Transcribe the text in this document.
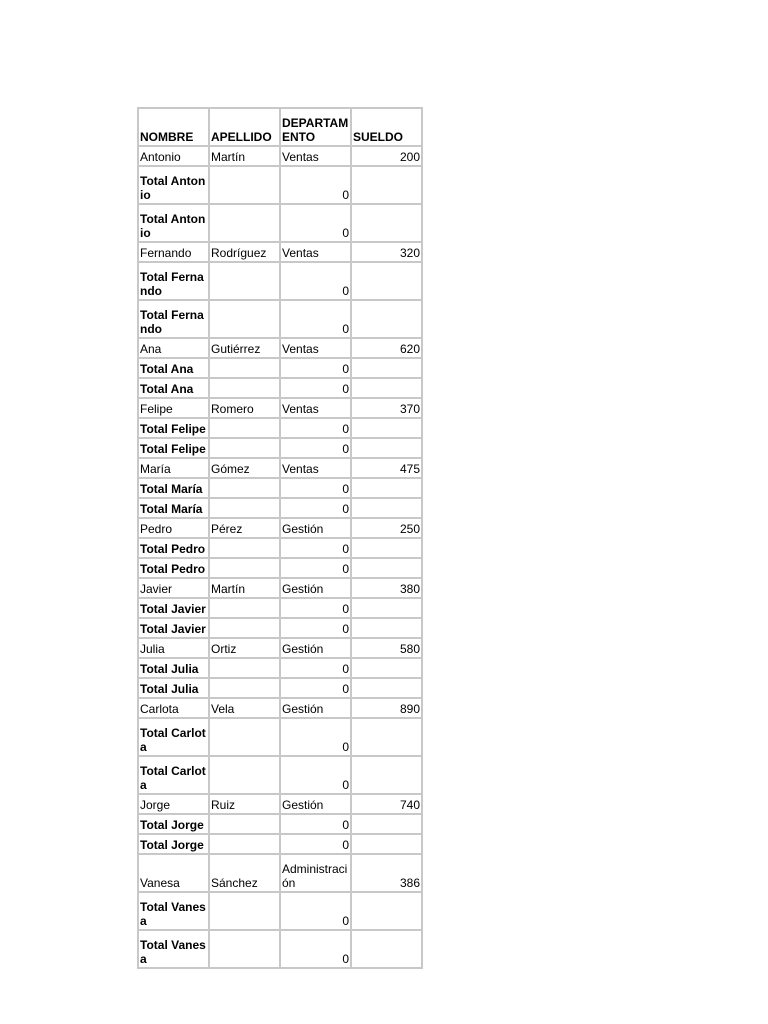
NOMBRE	APELLIDO	DEPARTAMENTO	SUELDO
Antonio	Martín	Ventas	200
Total Antonio		0	
Total Antonio		0	
Fernando	Rodríguez	Ventas	320
Total Fernando		0	
Total Fernando		0	
Ana	Gutiérrez	Ventas	620
Total Ana		0	
Total Ana		0	
Felipe	Romero	Ventas	370
Total Felipe		0	
Total Felipe		0	
María	Gómez	Ventas	475
Total María		0	
Total María		0	
Pedro	Pérez	Gestión	250
Total Pedro		0	
Total Pedro		0	
Javier	Martín	Gestión	380
Total Javier		0	
Total Javier		0	
Julia	Ortiz	Gestión	580
Total Julia		0	
Total Julia		0	
Carlota	Vela	Gestión	890
Total Carlota		0	
Total Carlota		0	
Jorge	Ruiz	Gestión	740
Total Jorge		0	
Total Jorge		0	
Vanesa	Sánchez	Administración	386
Total Vanesa		0	
Total Vanesa		0	
